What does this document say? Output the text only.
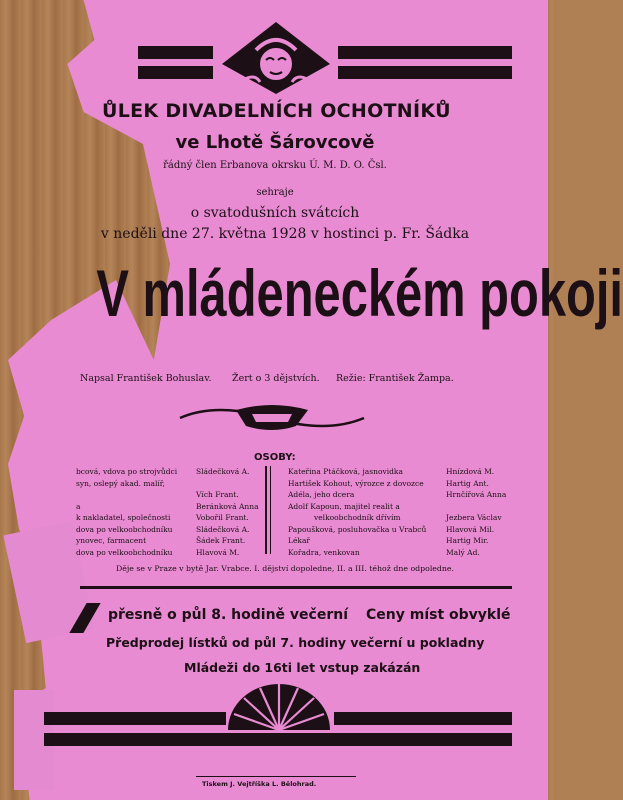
ŮLEK DIVADELNÍCH OCHOTNÍKŮ
ve Lhotě Šárovcově
řádný člen Erbanova okrsku Ú. M. D. O. Čsl.
sehraje
o svatodušních svátcích
v neděli dne 27. května 1928 v hostinci p. Fr. Šádka
V mládeneckém pokoji
Napsal František Bohuslav. Žert o 3 dějstvích. Režie: František Žampa.
OSOBY:
bcová, vdova po strojvůdci
syn, oslepý akad. malíř,

a
k nakladatel, společnosti
dova po velkoobchodníku
ynovec, farmacent
dova po velkoobchodníku
Sládečková A.

Vích Frant.
Beránková Anna
Vobořil Frant.
Sládečková A.
Šádek Frant.
Hlavová M.
Kateřina Ptáčková, jasnovidka
Hartišek Kohout, výrozce z dovozce
Adéla, jeho dcera
Adolf Kapoun, majitel realit a
velkoobchodník dřívím
Papoušková, posluhovačka u Vrabců
Lékař
Kořadra, venkovan
Hnízdová M.
Hartig Ant.
Hrnčířová Anna

Jezbera Václav
Hlavová Mil.
Hartig Mir.
Malý Ad.
Děje se v Praze v bytě Jar. Vrabce. I. dějství dopoledne, II. a III. téhož dne odpoledne.
přesně o půl 8. hodině večerní Ceny míst obvyklé
Předprodej lístků od půl 7. hodiny večerní u pokladny
Mládeži do 16ti let vstup zakázán
Tiskem J. Vejtříška L. Bělohrad.
